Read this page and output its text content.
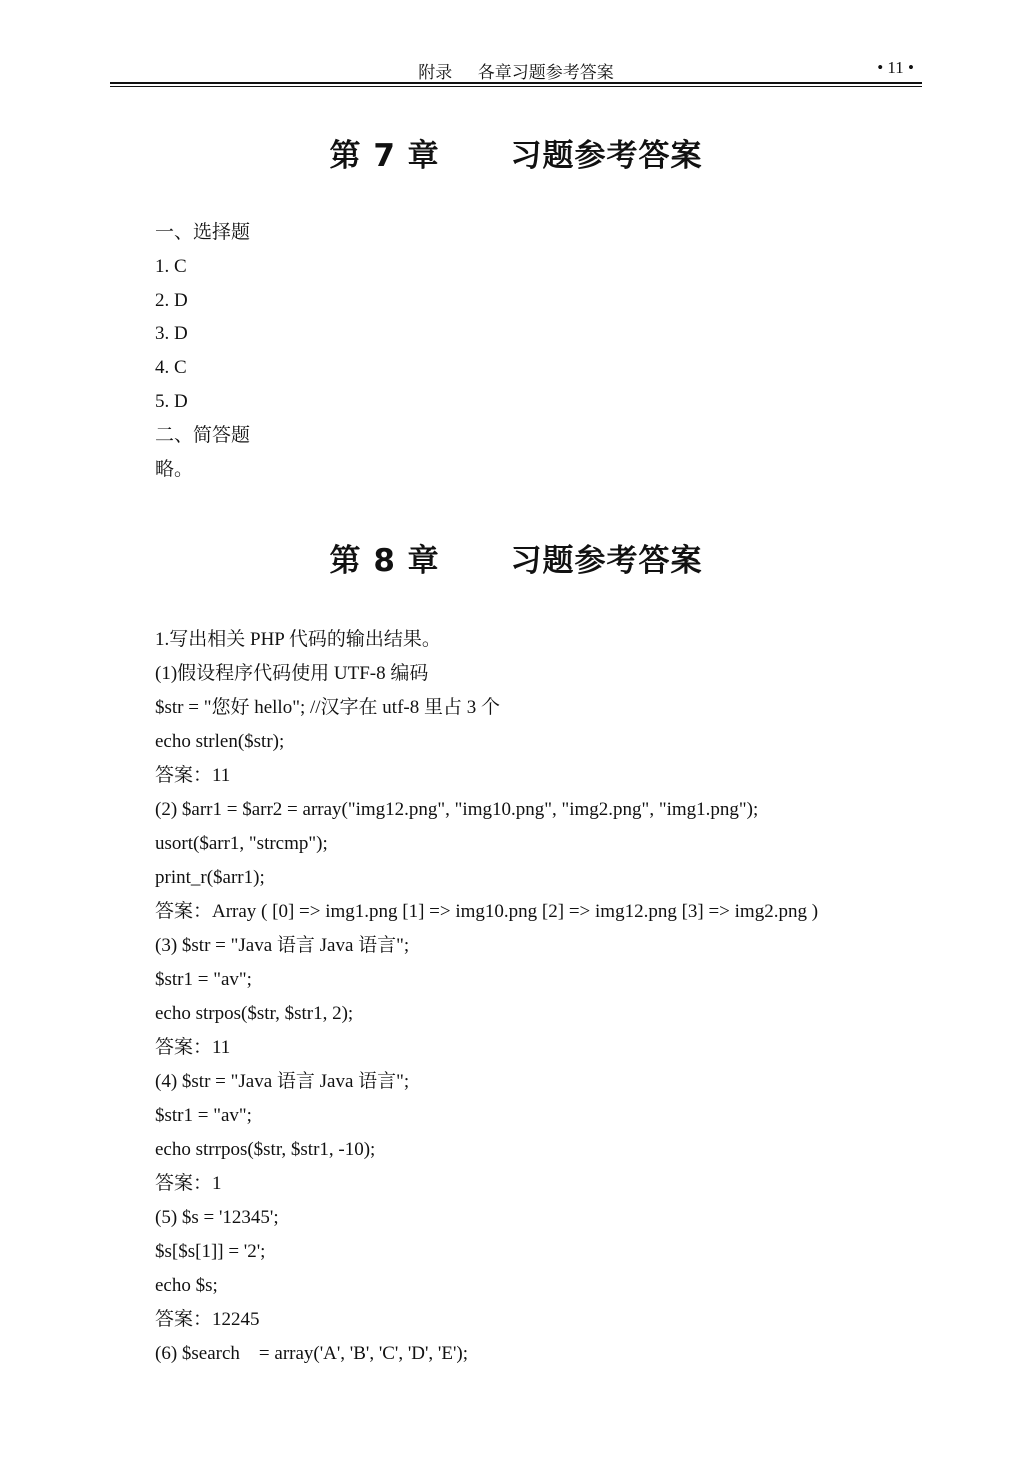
附录      各章习题参考答案	• 11 •
第 7 章      习题参考答案
一、选择题
1. C
2. D
3. D
4. C
5. D
二、简答题
略。
第 8 章      习题参考答案
1.写出相关 PHP 代码的输出结果。
(1)假设程序代码使用 UTF-8 编码
$str = "您好 hello"; //汉字在 utf-8 里占 3 个
echo strlen($str);
答案：11
(2) $arr1 = $arr2 = array("img12.png", "img10.png", "img2.png", "img1.png");
usort($arr1, "strcmp");
print_r($arr1);
答案：Array ( [0] => img1.png [1] => img10.png [2] => img12.png [3] => img2.png )
(3) $str = "Java 语言 Java 语言";
$str1 = "av";
echo strpos($str, $str1, 2);
答案：11
(4) $str = "Java 语言 Java 语言";
$str1 = "av";
echo strrpos($str, $str1, -10);
答案：1
(5) $s = '12345';
$s[$s[1]] = '2';
echo $s;
答案：12245
(6) $search    = array('A', 'B', 'C', 'D', 'E');
